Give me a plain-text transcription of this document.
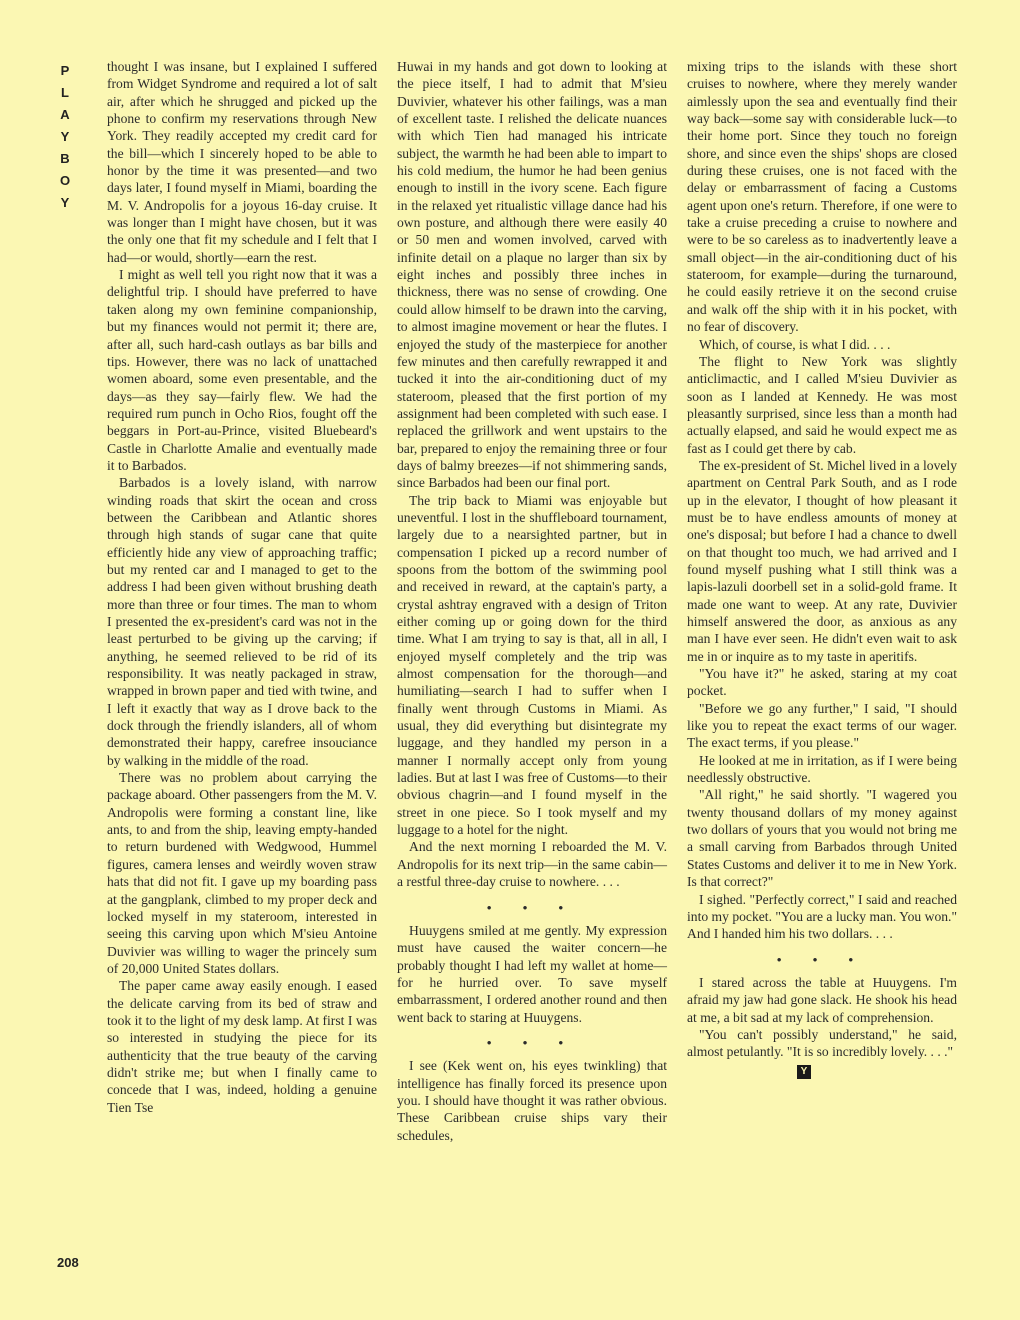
P
L
A
Y
B
O
Y

thought I was insane, but I explained I suffered from Widget Syndrome and required a lot of salt air, after which he shrugged and picked up the phone to confirm my reservations through New York. They readily accepted my credit card for the bill—which I sincerely hoped to be able to honor by the time it was presented—and two days later, I found myself in Miami, boarding the M. V. Andropolis for a joyous 16-day cruise. It was longer than I might have chosen, but it was the only one that fit my schedule and I felt that I had—or would, shortly—earn the rest.

I might as well tell you right now that it was a delightful trip. I should have preferred to have taken along my own feminine companionship, but my finances would not permit it; there are, after all, such hard-cash outlays as bar bills and tips. However, there was no lack of unattached women aboard, some even presentable, and the days—as they say—fairly flew. We had the required rum punch in Ocho Rios, fought off the beggars in Port-au-Prince, visited Bluebeard's Castle in Charlotte Amalie and eventually made it to Barbados.

Barbados is a lovely island, with narrow winding roads that skirt the ocean and cross between the Caribbean and Atlantic shores through high stands of sugar cane that quite efficiently hide any view of approaching traffic; but my rented car and I managed to get to the address I had been given without brushing death more than three or four times. The man to whom I presented the ex-president's card was not in the least perturbed to be giving up the carving; if anything, he seemed relieved to be rid of its responsibility. It was neatly packaged in straw, wrapped in brown paper and tied with twine, and I left it exactly that way as I drove back to the dock through the friendly islanders, all of whom demonstrated their happy, carefree insouciance by walking in the middle of the road.

There was no problem about carrying the package aboard. Other passengers from the M. V. Andropolis were forming a constant line, like ants, to and from the ship, leaving empty-handed to return burdened with Wedgwood, Hummel figures, camera lenses and weirdly woven straw hats that did not fit. I gave up my boarding pass at the gangplank, climbed to my proper deck and locked myself in my stateroom, interested in seeing this carving upon which M'sieu Antoine Duvivier was willing to wager the princely sum of 20,000 United States dollars.

The paper came away easily enough. I eased the delicate carving from its bed of straw and took it to the light of my desk lamp. At first I was so interested in studying the piece for its authenticity that the true beauty of the carving didn't strike me; but when I finally came to concede that I was, indeed, holding a genuine Tien Tse

Huwai in my hands and got down to looking at the piece itself, I had to admit that M'sieu Duvivier, whatever his other failings, was a man of excellent taste. I relished the delicate nuances with which Tien had managed his intricate subject, the warmth he had been able to impart to his cold medium, the humor he had been genius enough to instill in the ivory scene. Each figure in the relaxed yet ritualistic village dance had his own posture, and although there were easily 40 or 50 men and women involved, carved with infinite detail on a plaque no larger than six by eight inches and possibly three inches in thickness, there was no sense of crowding. One could allow himself to be drawn into the carving, to almost imagine movement or hear the flutes. I enjoyed the study of the masterpiece for another few minutes and then carefully rewrapped it and tucked it into the air-conditioning duct of my stateroom, pleased that the first portion of my assignment had been completed with such ease. I replaced the grillwork and went upstairs to the bar, prepared to enjoy the remaining three or four days of balmy breezes—if not shimmering sands, since Barbados had been our final port.

The trip back to Miami was enjoyable but uneventful. I lost in the shuffleboard tournament, largely due to a nearsighted partner, but in compensation I picked up a record number of spoons from the bottom of the swimming pool and received in reward, at the captain's party, a crystal ashtray engraved with a design of Triton either coming up or going down for the third time. What I am trying to say is that, all in all, I enjoyed myself completely and the trip was almost compensation for the thorough—and humiliating—search I had to suffer when I finally went through Customs in Miami. As usual, they did everything but disintegrate my luggage, and they handled my person in a manner I normally accept only from young ladies. But at last I was free of Customs—to their obvious chagrin—and I found myself in the street in one piece. So I took myself and my luggage to a hotel for the night.

And the next morning I reboarded the M. V. Andropolis for its next trip—in the same cabin—a restful three-day cruise to nowhere. . . .

• • •

Huuygens smiled at me gently. My expression must have caused the waiter concern—he probably thought I had left my wallet at home—for he hurried over. To save myself embarrassment, I ordered another round and then went back to staring at Huuygens.

• • •

I see (Kek went on, his eyes twinkling) that intelligence has finally forced its presence upon you. I should have thought it was rather obvious. These Caribbean cruise ships vary their schedules,

mixing trips to the islands with these short cruises to nowhere, where they merely wander aimlessly upon the sea and eventually find their way back—some say with considerable luck—to their home port. Since they touch no foreign shore, and since even the ships' shops are closed during these cruises, one is not faced with the delay or embarrassment of facing a Customs agent upon one's return. Therefore, if one were to take a cruise preceding a cruise to nowhere and were to be so careless as to inadvertently leave a small object—in the air-conditioning duct of his stateroom, for example—during the turnaround, he could easily retrieve it on the second cruise and walk off the ship with it in his pocket, with no fear of discovery.

Which, of course, is what I did. . . .

The flight to New York was slightly anticlimactic, and I called M'sieu Duvivier as soon as I landed at Kennedy. He was most pleasantly surprised, since less than a month had actually elapsed, and said he would expect me as fast as I could get there by cab.

The ex-president of St. Michel lived in a lovely apartment on Central Park South, and as I rode up in the elevator, I thought of how pleasant it must be to have endless amounts of money at one's disposal; but before I had a chance to dwell on that thought too much, we had arrived and I found myself pushing what I still think was a lapis-lazuli doorbell set in a solid-gold frame. It made one want to weep. At any rate, Duvivier himself answered the door, as anxious as any man I have ever seen. He didn't even wait to ask me in or inquire as to my taste in aperitifs.

"You have it?" he asked, staring at my coat pocket.

"Before we go any further," I said, "I should like you to repeat the exact terms of our wager. The exact terms, if you please."

He looked at me in irritation, as if I were being needlessly obstructive.

"All right," he said shortly. "I wagered you twenty thousand dollars of my money against two dollars of yours that you would not bring me a small carving from Barbados through United States Customs and deliver it to me in New York. Is that correct?"

I sighed. "Perfectly correct," I said and reached into my pocket. "You are a lucky man. You won." And I handed him his two dollars. . . .

• • •

I stared across the table at Huuygens. I'm afraid my jaw had gone slack. He shook his head at me, a bit sad at my lack of comprehension.

"You can't possibly understand," he said, almost petulantly. "It is so incredibly lovely. . . ."

Y
208
